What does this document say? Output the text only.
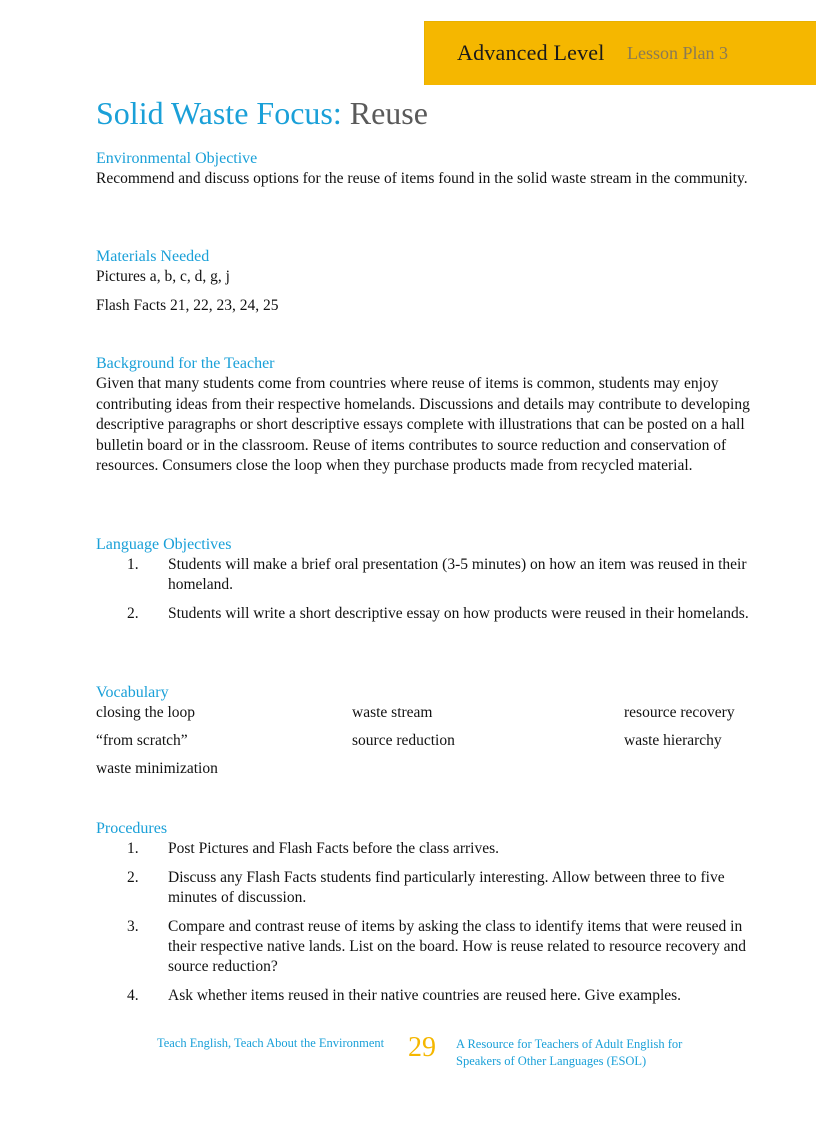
Advanced Level Lesson Plan 3
Solid Waste Focus: Reuse
Environmental Objective
Recommend and discuss options for the reuse of items found in the solid waste stream in the community.
Materials Needed
Pictures a, b, c, d, g, j
Flash Facts 21, 22, 23, 24, 25
Background for the Teacher
Given that many students come from countries where reuse of items is common, students may enjoy contributing ideas from their respective homelands. Discussions and details may contribute to developing descriptive paragraphs or short descriptive essays complete with illustrations that can be posted on a hall bulletin board or in the classroom. Reuse of items contributes to source reduction and conservation of resources. Consumers close the loop when they purchase products made from recycled material.
Language Objectives
1. Students will make a brief oral presentation (3-5 minutes) on how an item was reused in their homeland.
2. Students will write a short descriptive essay on how products were reused in their homelands.
Vocabulary
closing the loop	waste stream	resource recovery
“from scratch”	source reduction	waste hierarchy
waste minimization
Procedures
1. Post Pictures and Flash Facts before the class arrives.
2. Discuss any Flash Facts students find particularly interesting. Allow between three to five minutes of discussion.
3. Compare and contrast reuse of items by asking the class to identify items that were reused in their respective native lands. List on the board. How is reuse related to resource recovery and source reduction?
4. Ask whether items reused in their native countries are reused here. Give examples.
Teach English, Teach About the Environment 29 A Resource for Teachers of Adult English for Speakers of Other Languages (ESOL)
